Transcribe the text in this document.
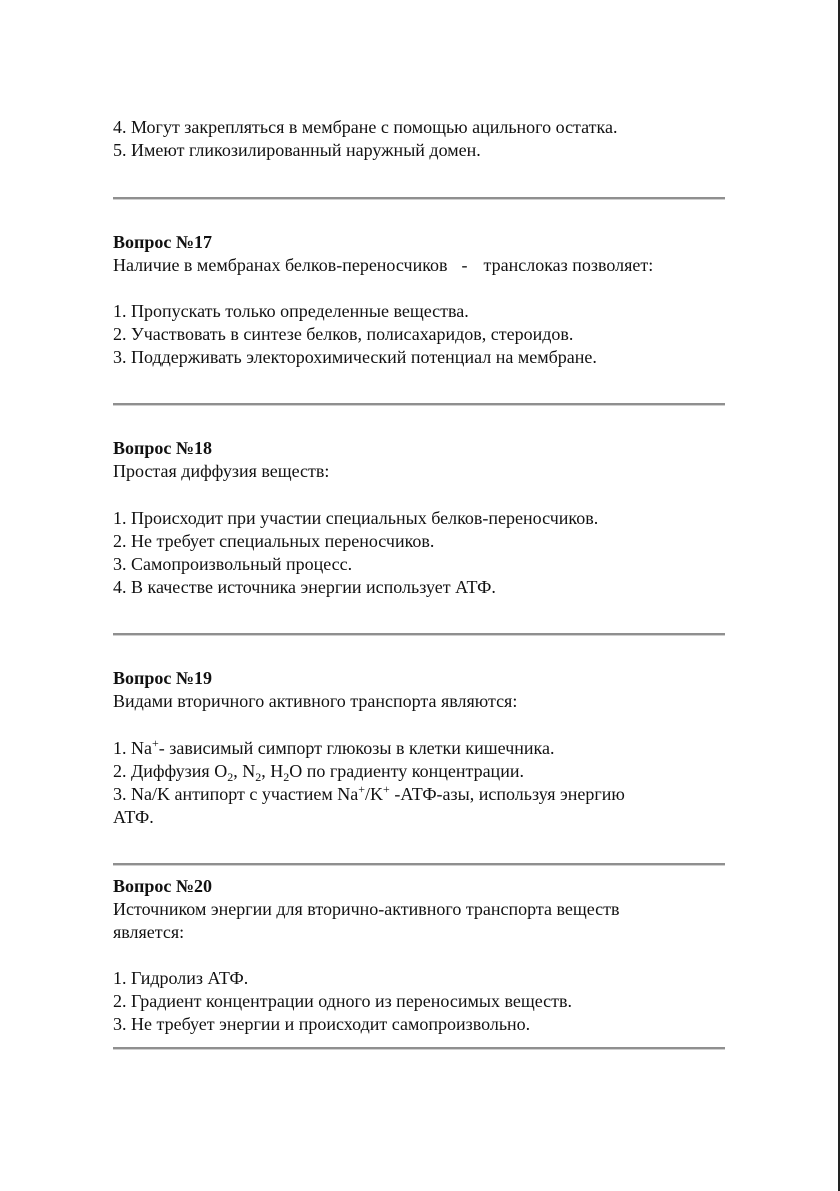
4. Могут закрепляться в мембране с помощью ацильного остатка.
5. Имеют гликозилированный наружный домен.
Вопрос №17
Наличие в мембранах белков-переносчиков - транслоказ позволяет:
1. Пропускать только определенные вещества.
2. Участвовать в синтезе белков, полисахаридов, стероидов.
3. Поддерживать электорохимический потенциал на мембране.
Вопрос №18
Простая диффузия веществ:
1. Происходит при участии специальных белков-переносчиков.
2. Не требует специальных переносчиков.
3. Самопроизвольный процесс.
4. В качестве источника энергии использует АТФ.
Вопрос №19
Видами вторичного активного транспорта являются:
1. Na+- зависимый симпорт глюкозы в клетки кишечника.
2. Диффузия $O_2$, $N_2$, $H_2O$ по градиенту концентрации.
3. Na/K антипорт с участием Na+/K+ -АТФ-азы, используя энергию
АТФ.
Вопрос №20
Источником энергии для вторично-активного транспорта веществ
является:
1. Гидролиз АТФ.
2. Градиент концентрации одного из переносимых веществ.
3. Не требует энергии и происходит самопроизвольно.
